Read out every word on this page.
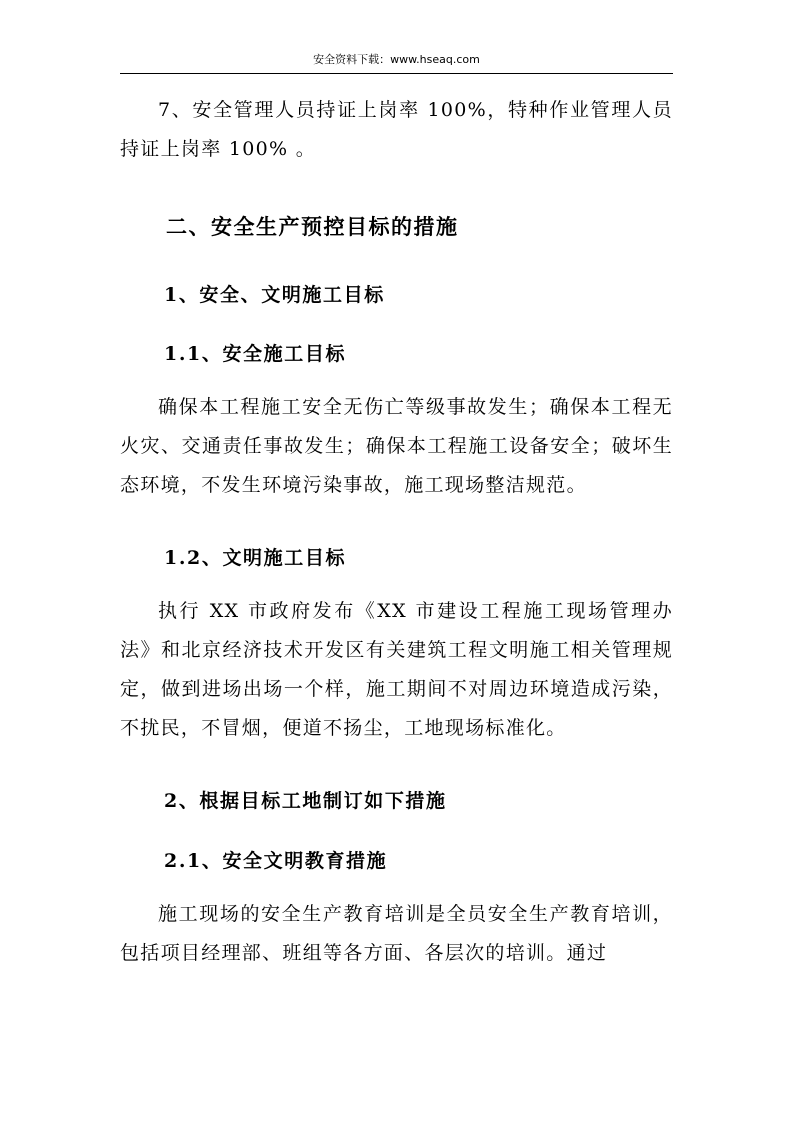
安全资料下载：www.hseaq.com
7、安全管理人员持证上岗率 100%，特种作业管理人员持证上岗率 100% 。
二、安全生产预控目标的措施
1、安全、文明施工目标
1.1、安全施工目标
确保本工程施工安全无伤亡等级事故发生；确保本工程无火灾、交通责任事故发生；确保本工程施工设备安全；破坏生态环境，不发生环境污染事故，施工现场整洁规范。
1.2、文明施工目标
执行 XX 市政府发布《XX 市建设工程施工现场管理办法》和北京经济技术开发区有关建筑工程文明施工相关管理规定，做到进场出场一个样，施工期间不对周边环境造成污染，不扰民，不冒烟，便道不扬尘，工地现场标准化。
2、根据目标工地制订如下措施
2.1、安全文明教育措施
施工现场的安全生产教育培训是全员安全生产教育培训，包括项目经理部、班组等各方面、各层次的培训。通过
